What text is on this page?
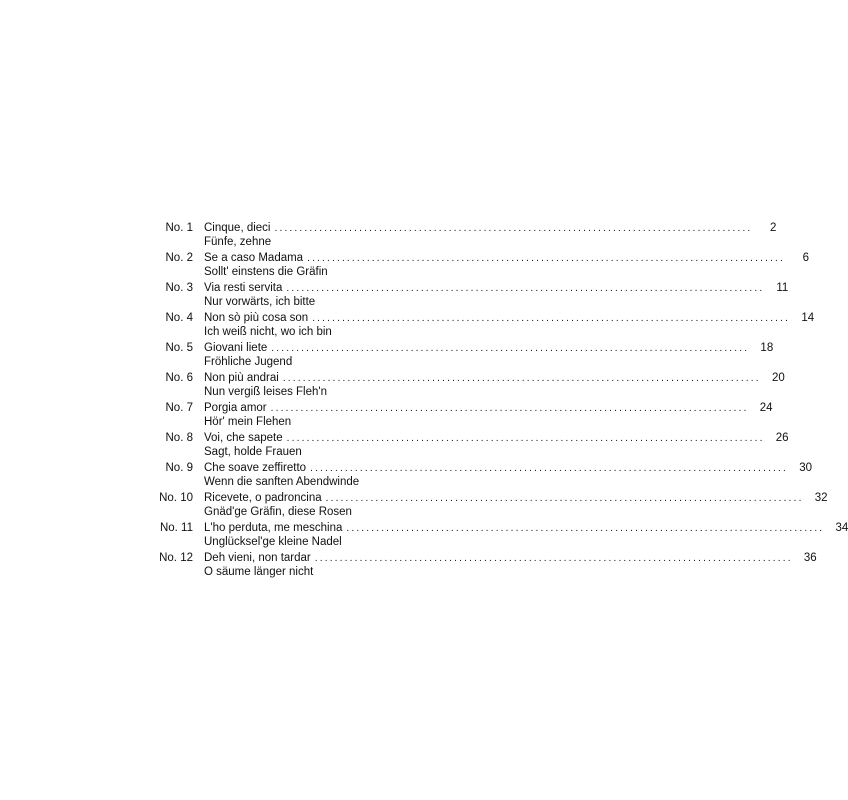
No. 1 Cinque, dieci ................................................................................................	2
Fünfe, zehne
No. 2 Se a caso Madama ................................................................................................	6
Sollt' einstens die Gräfin
No. 3 Via resti servita ................................................................................................	11
Nur vorwärts, ich bitte
No. 4 Non sò più cosa son ................................................................................................ 14
Ich weiß nicht, wo ich bin
No. 5 Giovani liete ................................................................................................ 18
Fröhliche Jugend
No. 6 Non più andrai ................................................................................................ 20
Nun vergiß leises Fleh'n
No. 7 Porgia amor ................................................................................................ 24
Hör' mein Flehen
No. 8 Voi, che sapete ................................................................................................ 26
Sagt, holde Frauen
No. 9 Che soave zeffiretto ................................................................................................ 30
Wenn die sanften Abendwinde
No. 10 Ricevete, o padroncina ................................................................................................ 32
Gnäd'ge Gräfin, diese Rosen
No. 11 L'ho perduta, me meschina ................................................................................................ 34
Unglücksel'ge kleine Nadel
No. 12 Deh vieni, non tardar ................................................................................................ 36
O säume länger nicht
